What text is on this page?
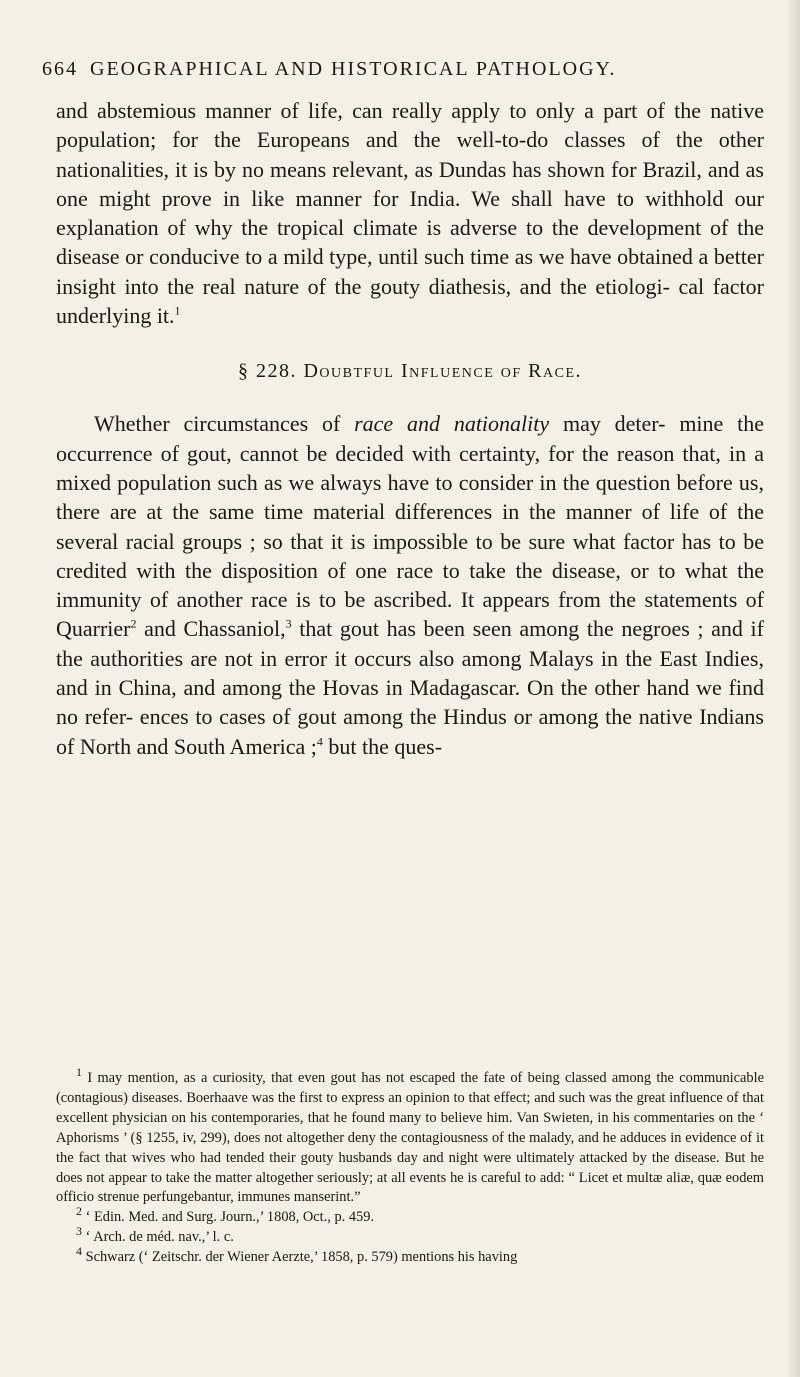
664 GEOGRAPHICAL AND HISTORICAL PATHOLOGY.

and abstemious manner of life, can really apply to only a part of the native population; for the Europeans and the well-to-do classes of the other nationalities, it is by no means relevant, as Dundas has shown for Brazil, and as one might prove in like manner for India. We shall have to withhold our explanation of why the tropical climate is adverse to the development of the disease or conducive to a mild type, until such time as we have obtained a better insight into the real nature of the gouty diathesis, and the etiologi- cal factor underlying it.$^1$

§ 228. Doubtful Influence of Race.

Whether circumstances of race and nationality may deter- mine the occurrence of gout, cannot be decided with certainty, for the reason that, in a mixed population such as we always have to consider in the question before us, there are at the same time material differences in the manner of life of the several racial groups ; so that it is impossible to be sure what factor has to be credited with the disposition of one race to take the disease, or to what the immunity of another race is to be ascribed. It appears from the statements of Quarrier$^2$ and Chassaniol,$^3$ that gout has been seen among the negroes ; and if the authorities are not in error it occurs also among Malays in the East Indies, and in China, and among the Hovas in Madagascar. On the other hand we find no refer- ences to cases of gout among the Hindus or among the native Indians of North and South America ;$^4$ but the ques-

$^1$ I may mention, as a curiosity, that even gout has not escaped the fate of being classed among the communicable (contagious) diseases. Boerhaave was the first to express an opinion to that effect; and such was the great influence of that excellent physician on his contemporaries, that he found many to believe him. Van Swieten, in his commentaries on the ‘ Aphorisms ’ (§ 1255, iv, 299), does not altogether deny the contagiousness of the malady, and he adduces in evidence of it the fact that wives who had tended their gouty husbands day and night were ultimately attacked by the disease. But he does not appear to take the matter altogether seriously; at all events he is careful to add: “ Licet et multæ aliæ, quæ eodem officio strenue perfungebantur, immunes manserint.”

$^2$ ‘ Edin. Med. and Surg. Journ.,’ 1808, Oct., p. 459.

$^3$ ‘ Arch. de méd. nav.,’ l. c.

$^4$ Schwarz (‘ Zeitschr. der Wiener Aerzte,’ 1858, p. 579) mentions his having
